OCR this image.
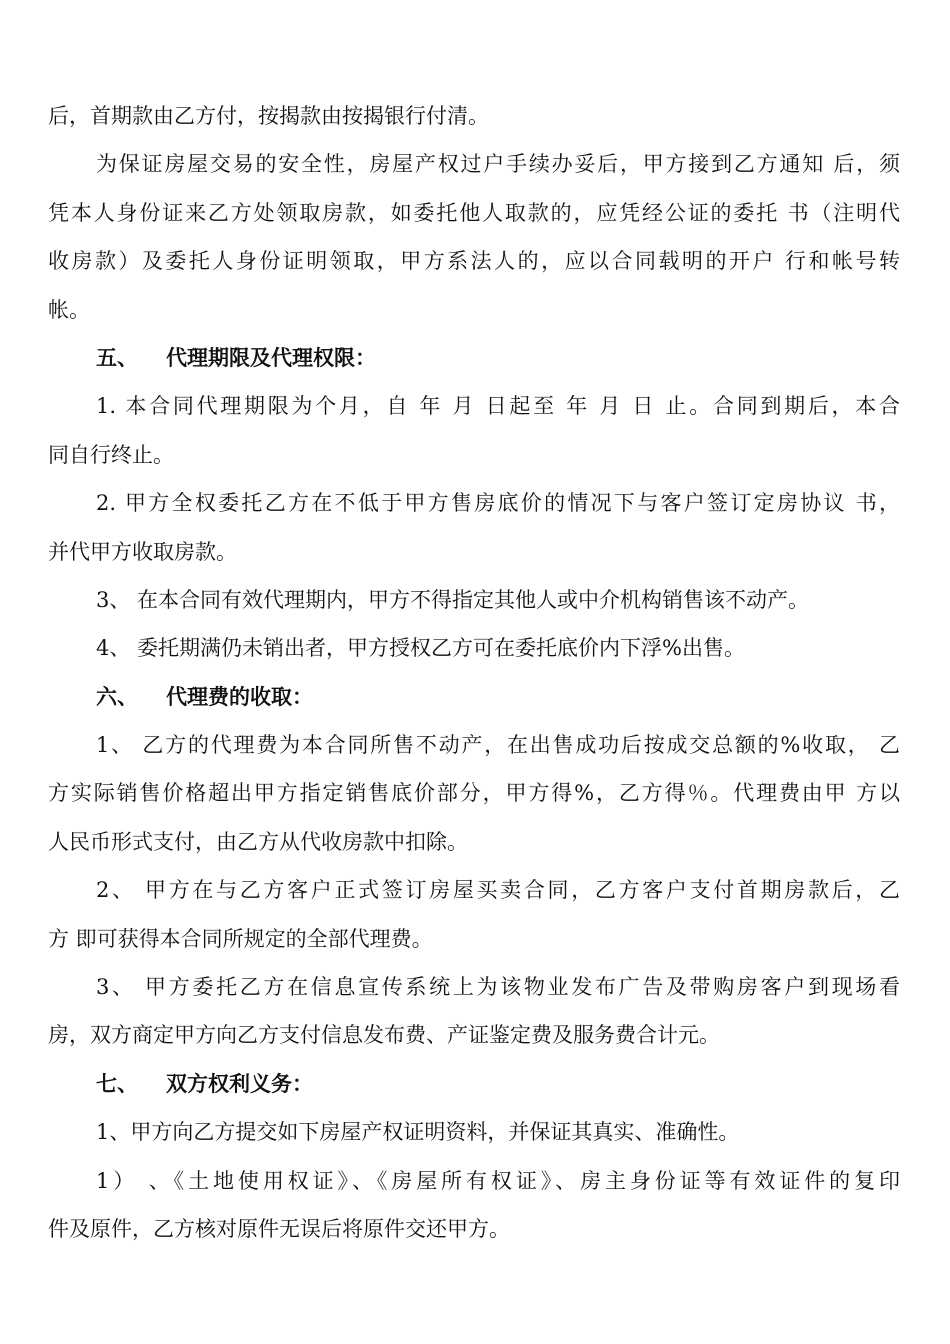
后，首期款由乙方付，按揭款由按揭银行付清。
为保证房屋交易的安全性，房屋产权过户手续办妥后，甲方接到乙方通知 后，须
凭本人身份证来乙方处领取房款，如委托他人取款的，应凭经公证的委托 书（注明代
收房款）及委托人身份证明领取，甲方系法人的，应以合同载明的开户 行和帐号转
帐。
五、 代理期限及代理权限：
1. 本合同代理期限为个月，自 年 月 日起至 年 月 日 止。合同到期后，本合
同自行终止。
2. 甲方全权委托乙方在不低于甲方售房底价的情况下与客户签订定房协议 书，
并代甲方收取房款。
3、 在本合同有效代理期内，甲方不得指定其他人或中介机构销售该不动产。
4、 委托期满仍未销出者，甲方授权乙方可在委托底价内下浮%出售。
六、 代理费的收取：
1、 乙方的代理费为本合同所售不动产，在出售成功后按成交总额的%收取， 乙
方实际销售价格超出甲方指定销售底价部分，甲方得%，乙方得％。代理费由甲 方以
人民币形式支付，由乙方从代收房款中扣除。
2、 甲方在与乙方客户正式签订房屋买卖合同，乙方客户支付首期房款后，乙
方 即可获得本合同所规定的全部代理费。
3、 甲方委托乙方在信息宣传系统上为该物业发布广告及带购房客户到现场看
房，双方商定甲方向乙方支付信息发布费、产证鉴定费及服务费合计元。
七、 双方权利义务：
1、甲方向乙方提交如下房屋产权证明资料，并保证其真实、准确性。
1） 、《土地使用权证》、《房屋所有权证》、房主身份证等有效证件的复印
件及原件，乙方核对原件无误后将原件交还甲方。
